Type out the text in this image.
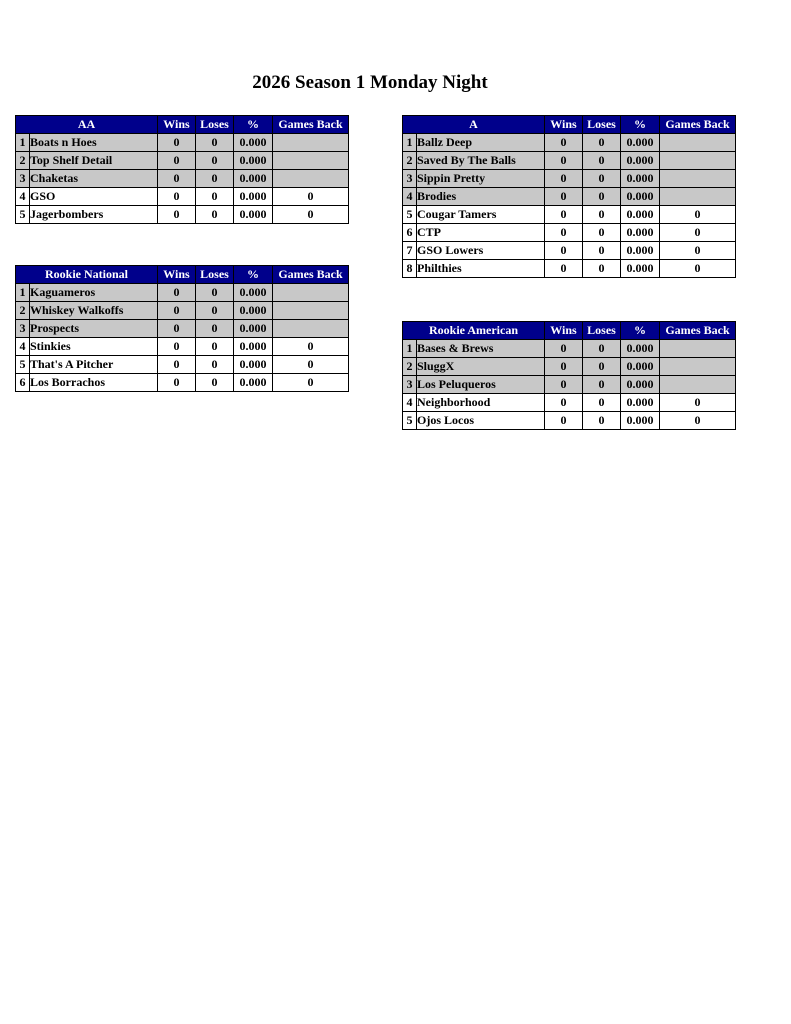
2026 Season 1 Monday Night
AA		Wins	Loses	%	Games Back
1	Boats n Hoes	0	0	0.000	
2	Top Shelf Detail	0	0	0.000	
3	Chaketas	0	0	0.000	
4	GSO	0	0	0.000	0
5	Jagerbombers	0	0	0.000	0
A		Wins	Loses	%	Games Back
1	Ballz Deep	0	0	0.000	
2	Saved By The Balls	0	0	0.000	
3	Sippin Pretty	0	0	0.000	
4	Brodies	0	0	0.000	
5	Cougar Tamers	0	0	0.000	0
6	CTP	0	0	0.000	0
7	GSO Lowers	0	0	0.000	0
8	Philthies	0	0	0.000	0
Rookie National		Wins	Loses	%	Games Back
1	Kaguameros	0	0	0.000	
2	Whiskey Walkoffs	0	0	0.000	
3	Prospects	0	0	0.000	
4	Stinkies	0	0	0.000	0
5	That's A Pitcher	0	0	0.000	0
6	Los Borrachos	0	0	0.000	0
Rookie American		Wins	Loses	%	Games Back
1	Bases & Brews	0	0	0.000	
2	SluggX	0	0	0.000	
3	Los Peluqueros	0	0	0.000	
4	Neighborhood	0	0	0.000	0
5	Ojos Locos	0	0	0.000	0
